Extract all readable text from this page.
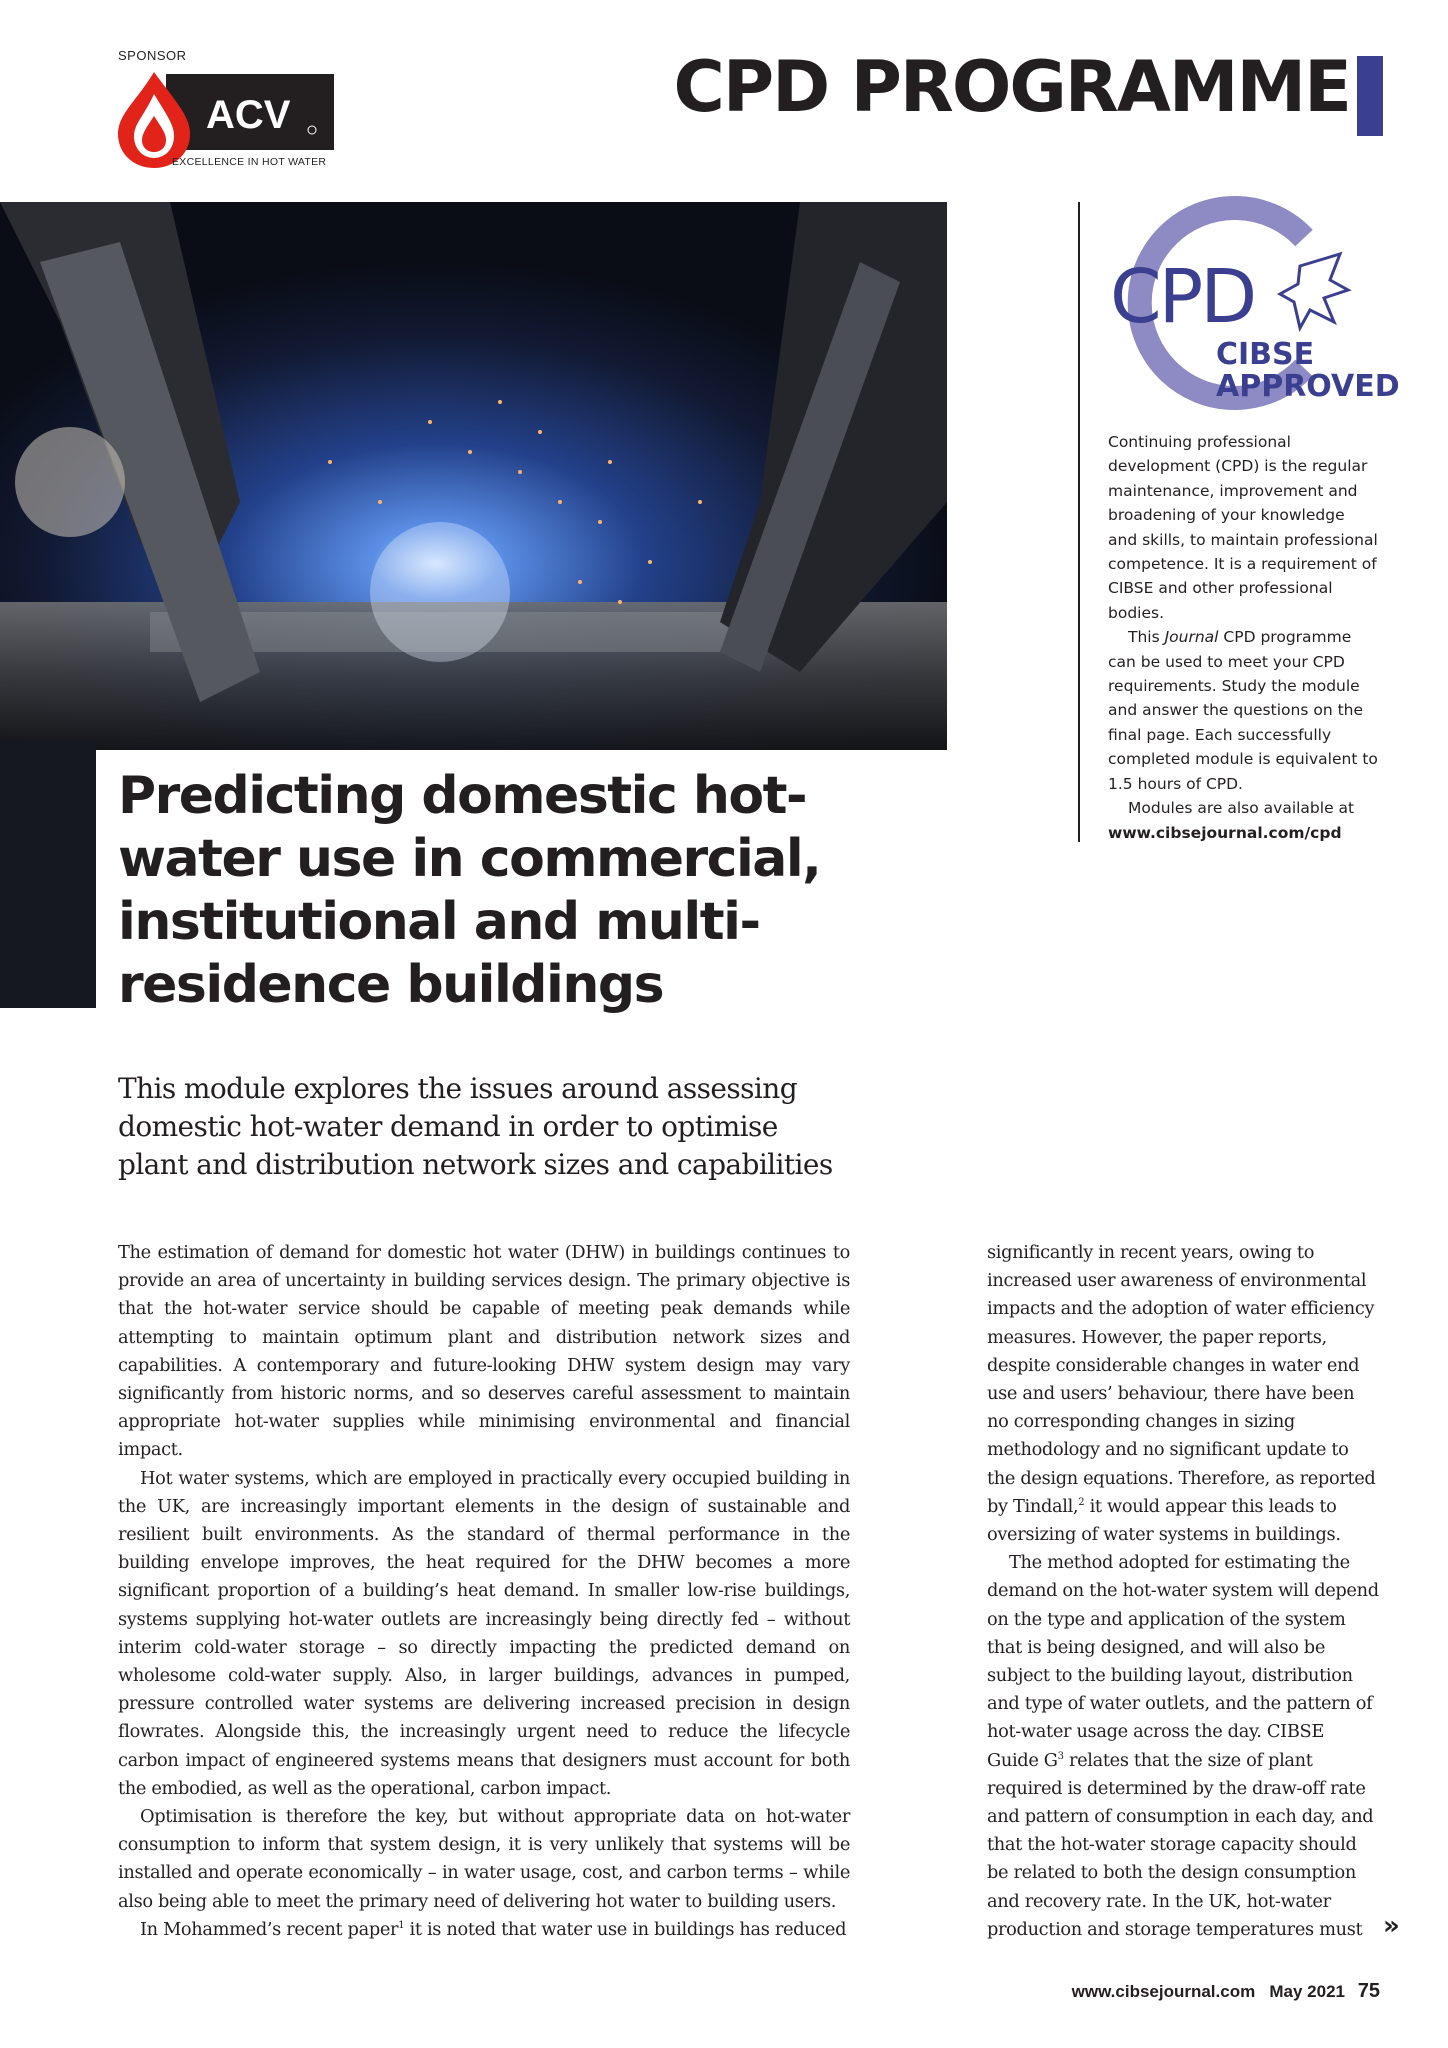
SPONSOR
ACV
EXCELLENCE IN HOT WATER
CPD PROGRAMME
Predicting domestic hot-water use in commercial, institutional and multi-residence buildings
CPD
CIBSE
APPROVED

Continuing professional development (CPD) is the regular maintenance, improvement and broadening of your knowledge and skills, to maintain professional competence. It is a requirement of CIBSE and other professional bodies.

This Journal CPD programme can be used to meet your CPD requirements. Study the module and answer the questions on the final page. Each successfully completed module is equivalent to 1.5 hours of CPD.

Modules are also available at

www.cibsejournal.com/cpd

This module explores the issues around assessing domestic hot-water demand in order to optimise plant and distribution network sizes and capabilities

The estimation of demand for domestic hot water (DHW) in buildings continues to provide an area of uncertainty in building services design. The primary objective is that the hot-water service should be capable of meeting peak demands while attempting to maintain optimum plant and distribution network sizes and capabilities. A contemporary and future-looking DHW system design may vary significantly from historic norms, and so deserves careful assessment to maintain appropriate hot-water supplies while minimising environmental and financial impact.

Hot water systems, which are employed in practically every occupied building in the UK, are increasingly important elements in the design of sustainable and resilient built environments. As the standard of thermal performance in the building envelope improves, the heat required for the DHW becomes a more significant proportion of a building’s heat demand. In smaller low-rise buildings, systems supplying hot-water outlets are increasingly being directly fed – without interim cold-water storage – so directly impacting the predicted demand on wholesome cold-water supply. Also, in larger buildings, advances in pumped, pressure controlled water systems are delivering increased precision in design flowrates. Alongside this, the increasingly urgent need to reduce the lifecycle carbon impact of engineered systems means that designers must account for both the embodied, as well as the operational, carbon impact.

Optimisation is therefore the key, but without appropriate data on hot-water consumption to inform that system design, it is very unlikely that systems will be installed and operate economically – in water usage, cost, and carbon terms – while also being able to meet the primary need of delivering hot water to building users.

In Mohammed’s recent paper$^1$ it is noted that water use in buildings has reduced

significantly in recent years, owing to increased user awareness of environmental impacts and the adoption of water efficiency measures. However, the paper reports, despite considerable changes in water end use and users’ behaviour, there have been no corresponding changes in sizing methodology and no significant update to the design equations. Therefore, as reported by Tindall,$^2$ it would appear this leads to oversizing of water systems in buildings.

The method adopted for estimating the demand on the hot-water system will depend on the type and application of the system that is being designed, and will also be subject to the building layout, distribution and type of water outlets, and the pattern of hot-water usage across the day. CIBSE Guide $G^3$ relates that the size of plant required is determined by the draw-off rate and pattern of consumption in each day, and that the hot-water storage capacity should be related to both the design consumption and recovery rate. In the UK, hot-water production and storage temperatures must »
www.cibsejournal.com May 2021 75
